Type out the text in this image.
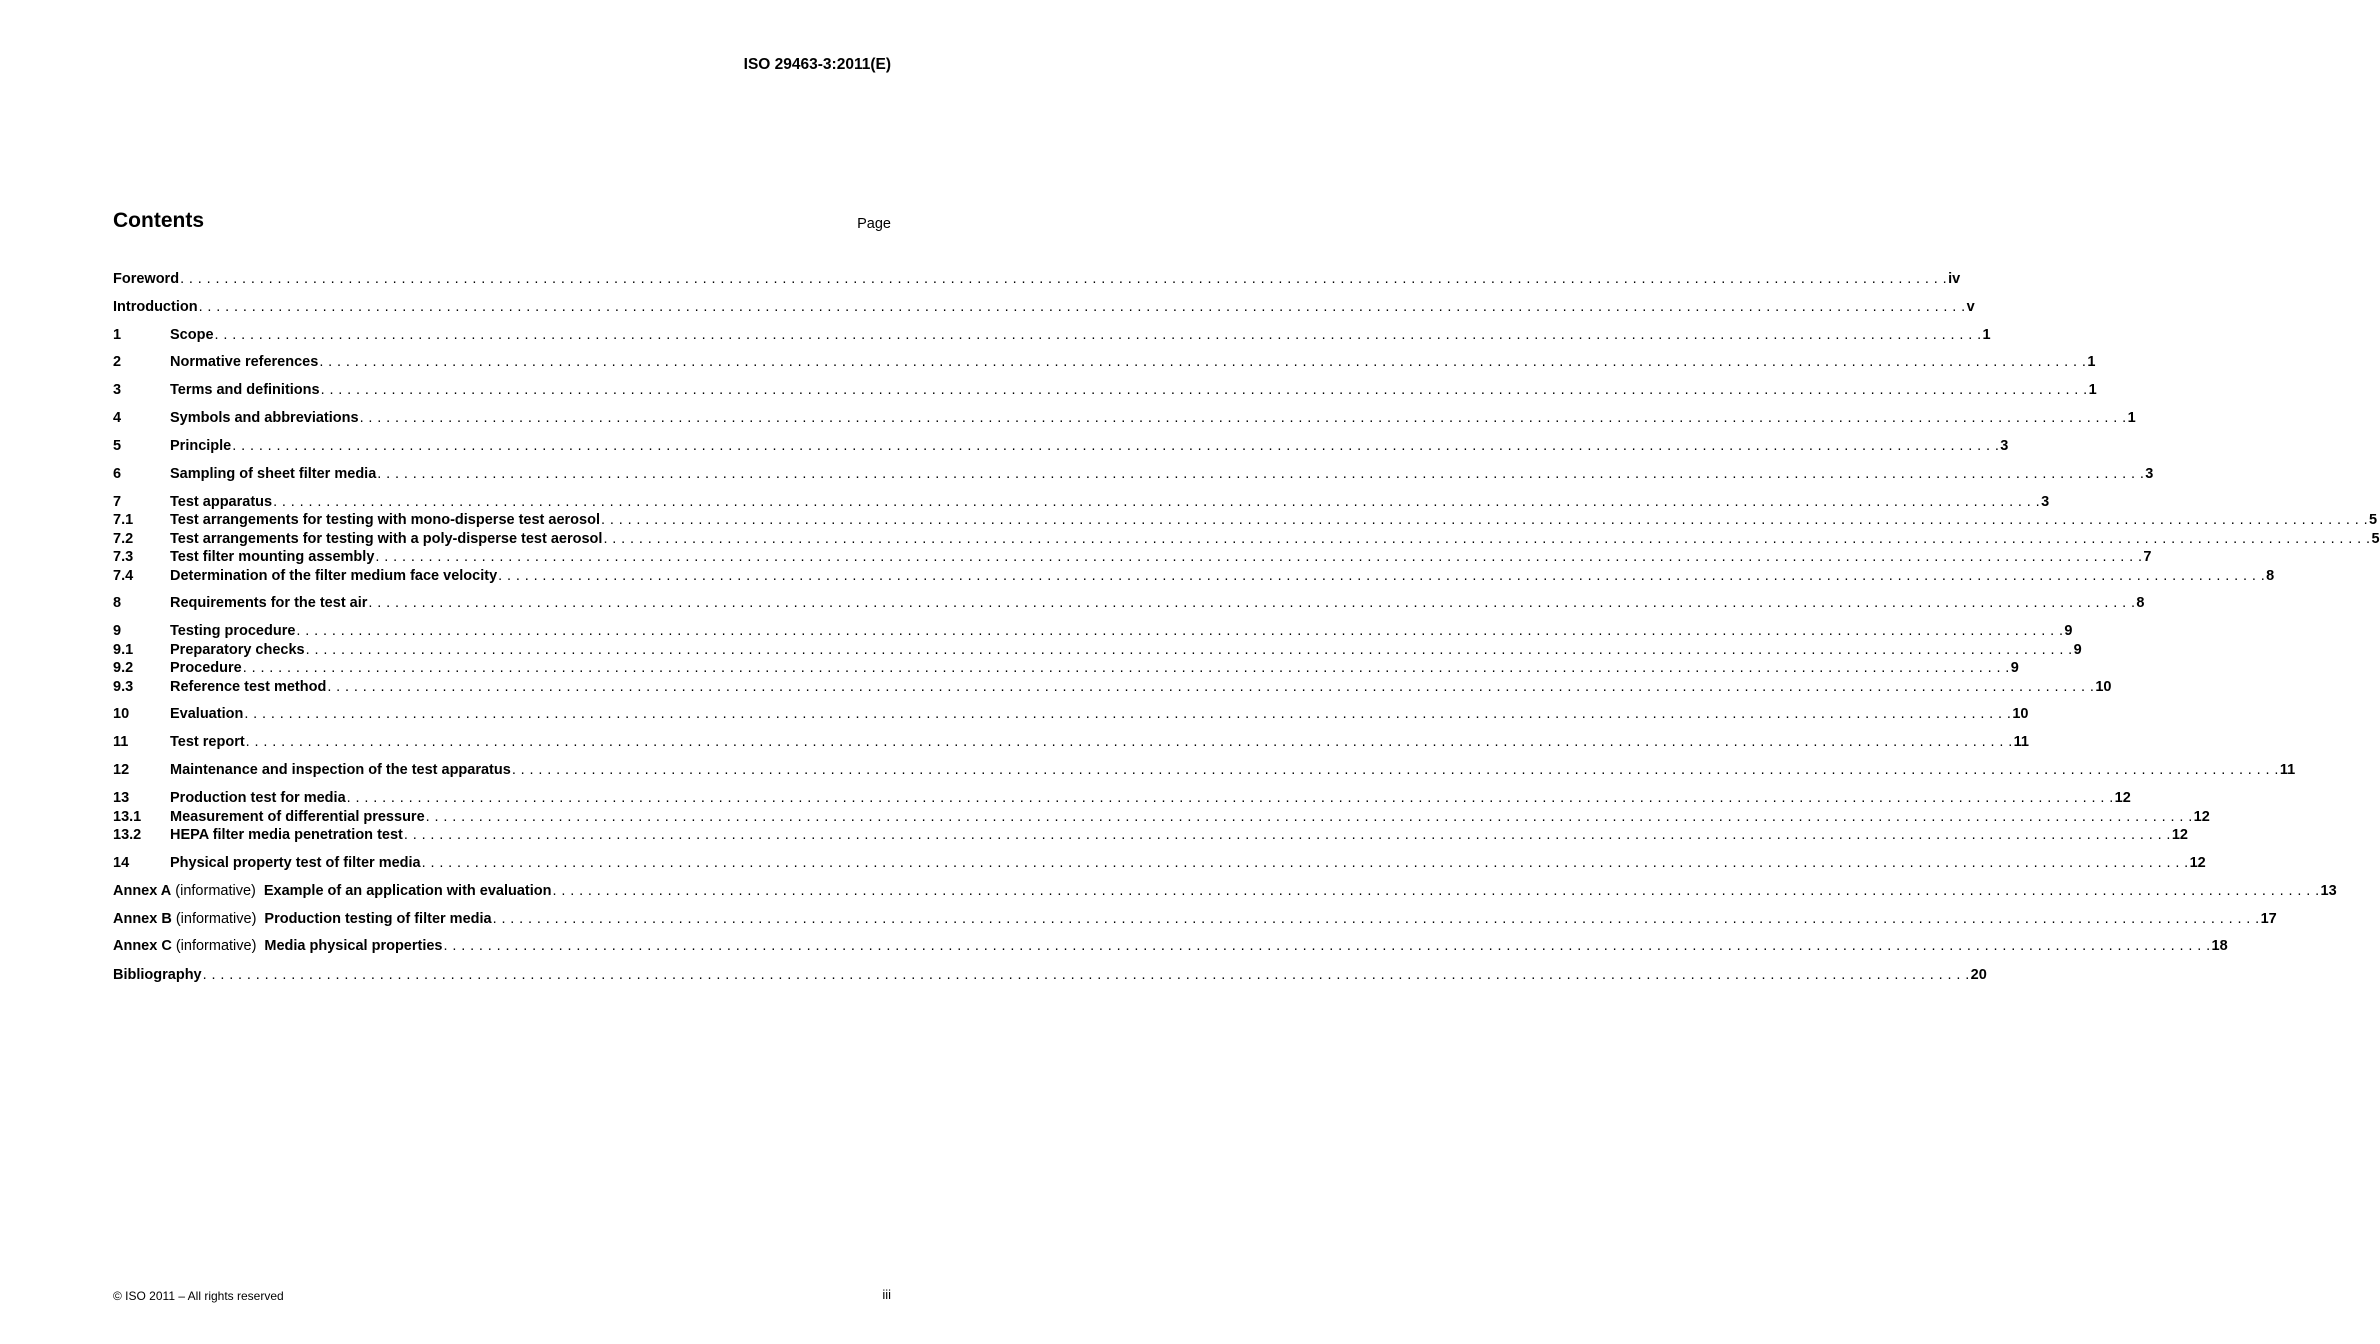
ISO 29463-3:2011(E)
Contents	Page
Foreword . . . . . . . . . . . . . . . . . . . . . . . . . . . . . . . . . . . . . . . . . . . . . . . . . . . . . . . . . . . . . . . . . . . . . . . . . . . . . . . . . . . . . . . . . . . . . . . . . . . . . . . . . . . . . . . . . . . . . . . . . . . . . . . . . . . . . . . . . . . . . . . . . . . . . . . . . . . . . . . . . . . . . . . . . . . . . . . . . . . . . . . . . . . . . . . . . . . . . . . . iv
Introduction . . . . . . . . . . . . . . . . . . . . . . . . . . . . . . . . . . . . . . . . . . . . . . . . . . . . . . . . . . . . . . . . . . . . . . . . . . . . . . . . . . . . . . . . . . . . . . . . . . . . . . . . . . . . . . . . . . . . . . . . . . . . . . . . . . . . . . . . . . . . . . . . . . . . . . . . . . . . . . . . . . . . . . . . . . . . . . . . . . . . . . . . . . . . . . . . . . . . . . . . v
1	Scope . . . . . . . . . . . . . . . . . . . . . . . . . . . . . . . . . . . . . . . . . . . . . . . . . . . . . . . . . . . . . . . . . . . . . . . . . . . . . . . . . . . . . . . . . . . . . . . . . . . . . . . . . . . . . . . . . . . . . . . . . . . . . . . . . . . . . . . . . . . . . . . . . . . . . . . . . . . . . . . . . . . . . . . . . . . . . . . . . . . . . . . . . . . . . . . . . . . . . . . . 1
2	Normative references . . . . . . . . . . . . . . . . . . . . . . . . . . . . . . . . . . . . . . . . . . . . . . . . . . . . . . . . . . . . . . . . . . . . . . . . . . . . . . . . . . . . . . . . . . . . . . . . . . . . . . . . . . . . . . . . . . . . . . . . . . . . . . . . . . . . . . . . . . . . . . . . . . . . . . . . . . . . . . . . . . . . . . . . . . . . . . . . . . . . . . . . . . . . . . . . . . . . . . . . 1
3	Terms and definitions . . . . . . . . . . . . . . . . . . . . . . . . . . . . . . . . . . . . . . . . . . . . . . . . . . . . . . . . . . . . . . . . . . . . . . . . . . . . . . . . . . . . . . . . . . . . . . . . . . . . . . . . . . . . . . . . . . . . . . . . . . . . . . . . . . . . . . . . . . . . . . . . . . . . . . . . . . . . . . . . . . . . . . . . . . . . . . . . . . . . . . . . . . . . . . . . . . . . . . . . 1
4	Symbols and abbreviations . . . . . . . . . . . . . . . . . . . . . . . . . . . . . . . . . . . . . . . . . . . . . . . . . . . . . . . . . . . . . . . . . . . . . . . . . . . . . . . . . . . . . . . . . . . . . . . . . . . . . . . . . . . . . . . . . . . . . . . . . . . . . . . . . . . . . . . . . . . . . . . . . . . . . . . . . . . . . . . . . . . . . . . . . . . . . . . . . . . . . . . . . . . . . . . . . . . . . . . . 1
5	Principle . . . . . . . . . . . . . . . . . . . . . . . . . . . . . . . . . . . . . . . . . . . . . . . . . . . . . . . . . . . . . . . . . . . . . . . . . . . . . . . . . . . . . . . . . . . . . . . . . . . . . . . . . . . . . . . . . . . . . . . . . . . . . . . . . . . . . . . . . . . . . . . . . . . . . . . . . . . . . . . . . . . . . . . . . . . . . . . . . . . . . . . . . . . . . . . . . . . . . . . . 3
6	Sampling of sheet filter media . . . . . . . . . . . . . . . . . . . . . . . . . . . . . . . . . . . . . . . . . . . . . . . . . . . . . . . . . . . . . . . . . . . . . . . . . . . . . . . . . . . . . . . . . . . . . . . . . . . . . . . . . . . . . . . . . . . . . . . . . . . . . . . . . . . . . . . . . . . . . . . . . . . . . . . . . . . . . . . . . . . . . . . . . . . . . . . . . . . . . . . . . . . . . . . . . . . . . . . . 3
7	Test apparatus . . . . . . . . . . . . . . . . . . . . . . . . . . . . . . . . . . . . . . . . . . . . . . . . . . . . . . . . . . . . . . . . . . . . . . . . . . . . . . . . . . . . . . . . . . . . . . . . . . . . . . . . . . . . . . . . . . . . . . . . . . . . . . . . . . . . . . . . . . . . . . . . . . . . . . . . . . . . . . . . . . . . . . . . . . . . . . . . . . . . . . . . . . . . . . . . . . . . . . . . 3
7.1	Test arrangements for testing with mono-disperse test aerosol . . . . . . . . . . . . . . . . . . . . . . . . . . . . . . . . . . . . . . . . . . . . . . . . . . . . . . . . . . . . . . . . . . . . . . . . . . . . . . . . . . . . . . . . . . . . . . . . . . . . . . . . . . . . . . . . . . . . . . . . . . . . . . . . . . . . . . . . . . . . . . . . . . . . . . . . . . . . . . . . . . . . . . . . . . . . . . . . . . . . . . . . . . . . . . . . . . . . . . . . 5
7.2	Test arrangements for testing with a poly-disperse test aerosol . . . . . . . . . . . . . . . . . . . . . . . . . . . . . . . . . . . . . . . . . . . . . . . . . . . . . . . . . . . . . . . . . . . . . . . . . . . . . . . . . . . . . . . . . . . . . . . . . . . . . . . . . . . . . . . . . . . . . . . . . . . . . . . . . . . . . . . . . . . . . . . . . . . . . . . . . . . . . . . . . . . . . . . . . . . . . . . . . . . . . . . . . . . . . . . . . . . . . . . . 5
7.3	Test filter mounting assembly . . . . . . . . . . . . . . . . . . . . . . . . . . . . . . . . . . . . . . . . . . . . . . . . . . . . . . . . . . . . . . . . . . . . . . . . . . . . . . . . . . . . . . . . . . . . . . . . . . . . . . . . . . . . . . . . . . . . . . . . . . . . . . . . . . . . . . . . . . . . . . . . . . . . . . . . . . . . . . . . . . . . . . . . . . . . . . . . . . . . . . . . . . . . . . . . . . . . . . . . 7
7.4	Determination of the filter medium face velocity . . . . . . . . . . . . . . . . . . . . . . . . . . . . . . . . . . . . . . . . . . . . . . . . . . . . . . . . . . . . . . . . . . . . . . . . . . . . . . . . . . . . . . . . . . . . . . . . . . . . . . . . . . . . . . . . . . . . . . . . . . . . . . . . . . . . . . . . . . . . . . . . . . . . . . . . . . . . . . . . . . . . . . . . . . . . . . . . . . . . . . . . . . . . . . . . . . . . . . . . 8
8	Requirements for the test air . . . . . . . . . . . . . . . . . . . . . . . . . . . . . . . . . . . . . . . . . . . . . . . . . . . . . . . . . . . . . . . . . . . . . . . . . . . . . . . . . . . . . . . . . . . . . . . . . . . . . . . . . . . . . . . . . . . . . . . . . . . . . . . . . . . . . . . . . . . . . . . . . . . . . . . . . . . . . . . . . . . . . . . . . . . . . . . . . . . . . . . . . . . . . . . . . . . . . . . . 8
9	Testing procedure . . . . . . . . . . . . . . . . . . . . . . . . . . . . . . . . . . . . . . . . . . . . . . . . . . . . . . . . . . . . . . . . . . . . . . . . . . . . . . . . . . . . . . . . . . . . . . . . . . . . . . . . . . . . . . . . . . . . . . . . . . . . . . . . . . . . . . . . . . . . . . . . . . . . . . . . . . . . . . . . . . . . . . . . . . . . . . . . . . . . . . . . . . . . . . . . . . . . . . . . 9
9.1	Preparatory checks . . . . . . . . . . . . . . . . . . . . . . . . . . . . . . . . . . . . . . . . . . . . . . . . . . . . . . . . . . . . . . . . . . . . . . . . . . . . . . . . . . . . . . . . . . . . . . . . . . . . . . . . . . . . . . . . . . . . . . . . . . . . . . . . . . . . . . . . . . . . . . . . . . . . . . . . . . . . . . . . . . . . . . . . . . . . . . . . . . . . . . . . . . . . . . . . . . . . . . . . 9
9.2	Procedure . . . . . . . . . . . . . . . . . . . . . . . . . . . . . . . . . . . . . . . . . . . . . . . . . . . . . . . . . . . . . . . . . . . . . . . . . . . . . . . . . . . . . . . . . . . . . . . . . . . . . . . . . . . . . . . . . . . . . . . . . . . . . . . . . . . . . . . . . . . . . . . . . . . . . . . . . . . . . . . . . . . . . . . . . . . . . . . . . . . . . . . . . . . . . . . . . . . . . . . . 9
9.3	Reference test method . . . . . . . . . . . . . . . . . . . . . . . . . . . . . . . . . . . . . . . . . . . . . . . . . . . . . . . . . . . . . . . . . . . . . . . . . . . . . . . . . . . . . . . . . . . . . . . . . . . . . . . . . . . . . . . . . . . . . . . . . . . . . . . . . . . . . . . . . . . . . . . . . . . . . . . . . . . . . . . . . . . . . . . . . . . . . . . . . . . . . . . . . . . . . . . . . . . . . . . . 10
10	Evaluation . . . . . . . . . . . . . . . . . . . . . . . . . . . . . . . . . . . . . . . . . . . . . . . . . . . . . . . . . . . . . . . . . . . . . . . . . . . . . . . . . . . . . . . . . . . . . . . . . . . . . . . . . . . . . . . . . . . . . . . . . . . . . . . . . . . . . . . . . . . . . . . . . . . . . . . . . . . . . . . . . . . . . . . . . . . . . . . . . . . . . . . . . . . . . . . . . . . . . . . . 10
11	Test report . . . . . . . . . . . . . . . . . . . . . . . . . . . . . . . . . . . . . . . . . . . . . . . . . . . . . . . . . . . . . . . . . . . . . . . . . . . . . . . . . . . . . . . . . . . . . . . . . . . . . . . . . . . . . . . . . . . . . . . . . . . . . . . . . . . . . . . . . . . . . . . . . . . . . . . . . . . . . . . . . . . . . . . . . . . . . . . . . . . . . . . . . . . . . . . . . . . . . . . . 11
12	Maintenance and inspection of the test apparatus . . . . . . . . . . . . . . . . . . . . . . . . . . . . . . . . . . . . . . . . . . . . . . . . . . . . . . . . . . . . . . . . . . . . . . . . . . . . . . . . . . . . . . . . . . . . . . . . . . . . . . . . . . . . . . . . . . . . . . . . . . . . . . . . . . . . . . . . . . . . . . . . . . . . . . . . . . . . . . . . . . . . . . . . . . . . . . . . . . . . . . . . . . . . . . . . . . . . . . . . 11
13	Production test for media . . . . . . . . . . . . . . . . . . . . . . . . . . . . . . . . . . . . . . . . . . . . . . . . . . . . . . . . . . . . . . . . . . . . . . . . . . . . . . . . . . . . . . . . . . . . . . . . . . . . . . . . . . . . . . . . . . . . . . . . . . . . . . . . . . . . . . . . . . . . . . . . . . . . . . . . . . . . . . . . . . . . . . . . . . . . . . . . . . . . . . . . . . . . . . . . . . . . . . . . 12
13.1	Measurement of differential pressure . . . . . . . . . . . . . . . . . . . . . . . . . . . . . . . . . . . . . . . . . . . . . . . . . . . . . . . . . . . . . . . . . . . . . . . . . . . . . . . . . . . . . . . . . . . . . . . . . . . . . . . . . . . . . . . . . . . . . . . . . . . . . . . . . . . . . . . . . . . . . . . . . . . . . . . . . . . . . . . . . . . . . . . . . . . . . . . . . . . . . . . . . . . . . . . . . . . . . . . . 12
13.2	HEPA filter media penetration test . . . . . . . . . . . . . . . . . . . . . . . . . . . . . . . . . . . . . . . . . . . . . . . . . . . . . . . . . . . . . . . . . . . . . . . . . . . . . . . . . . . . . . . . . . . . . . . . . . . . . . . . . . . . . . . . . . . . . . . . . . . . . . . . . . . . . . . . . . . . . . . . . . . . . . . . . . . . . . . . . . . . . . . . . . . . . . . . . . . . . . . . . . . . . . . . . . . . . . . . 12
14	Physical property test of filter media . . . . . . . . . . . . . . . . . . . . . . . . . . . . . . . . . . . . . . . . . . . . . . . . . . . . . . . . . . . . . . . . . . . . . . . . . . . . . . . . . . . . . . . . . . . . . . . . . . . . . . . . . . . . . . . . . . . . . . . . . . . . . . . . . . . . . . . . . . . . . . . . . . . . . . . . . . . . . . . . . . . . . . . . . . . . . . . . . . . . . . . . . . . . . . . . . . . . . . . . 12
Annex A (informative) Example of an application with evaluation . . . . . . . . . . . . . . . . . . . . . . . . . . . . . . . . . . . . . . . . . . . . . . . . . . . . . . . . . . . . . . . . . . . . . . . . . . . . . . . . . . . . . . . . . . . . . . . . . . . . . . . . . . . . . . . . . . . . . . . . . . . . . . . . . . . . . . . . . . . . . . . . . . . . . . . . . . . . . . . . . . . . . . . . . . . . . . . . . . . . . . . . . . . . . . . . . . . . . . . . 13
Annex B (informative) Production testing of filter media . . . . . . . . . . . . . . . . . . . . . . . . . . . . . . . . . . . . . . . . . . . . . . . . . . . . . . . . . . . . . . . . . . . . . . . . . . . . . . . . . . . . . . . . . . . . . . . . . . . . . . . . . . . . . . . . . . . . . . . . . . . . . . . . . . . . . . . . . . . . . . . . . . . . . . . . . . . . . . . . . . . . . . . . . . . . . . . . . . . . . . . . . . . . . . . . . . . . . . . . 17
Annex C (informative) Media physical properties . . . . . . . . . . . . . . . . . . . . . . . . . . . . . . . . . . . . . . . . . . . . . . . . . . . . . . . . . . . . . . . . . . . . . . . . . . . . . . . . . . . . . . . . . . . . . . . . . . . . . . . . . . . . . . . . . . . . . . . . . . . . . . . . . . . . . . . . . . . . . . . . . . . . . . . . . . . . . . . . . . . . . . . . . . . . . . . . . . . . . . . . . . . . . . . . . . . . . . . . 18
Bibliography . . . . . . . . . . . . . . . . . . . . . . . . . . . . . . . . . . . . . . . . . . . . . . . . . . . . . . . . . . . . . . . . . . . . . . . . . . . . . . . . . . . . . . . . . . . . . . . . . . . . . . . . . . . . . . . . . . . . . . . . . . . . . . . . . . . . . . . . . . . . . . . . . . . . . . . . . . . . . . . . . . . . . . . . . . . . . . . . . . . . . . . . . . . . . . . . . . . . . . . . 20
© ISO 2011 – All rights reserved	iii
